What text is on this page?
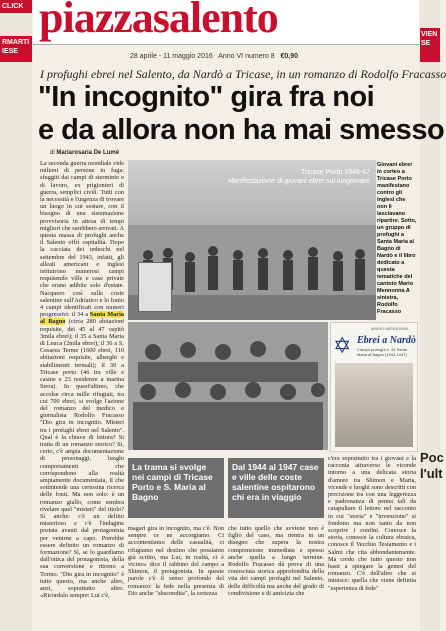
CLICK
RMARTI
IESE
VIEN
SE
Poc
l'ult
piazzasalento
28 aprile - 11 maggio 2016 Anno VI numero 8 €0,90
I profughi ebrei nel Salento, da Nardò a Tricase, in un romanzo di Rodolfo Fracasso
"In incognito" gira fra noi
e da allora non ha mai smesso
di Mariarosaria De Lumè
La seconda guerra mondiale vide milioni di persone in fuga: sfuggiti dai campi di sterminio e di lavoro, ex prigionieri di guerra, semplici civili. Tutti con la necessità e l'urgenza di trovare un luogo in cui sostare, con il bisogno di una sistemazione provvisoria in attesa di tempi migliori che sarebbero arrivati. A questa massa di profughi anche il Salento offrì ospitalità. Dopo la cacciata dei tedeschi nel settembre del 1943, infatti, gli alleati americani e inglesi istituirono numerosi campi requisendo ville e case private che erano adibite solo d'estate. Nacquero così sulle coste salentine sull'Adriatico e lo Ionio 4 campi identificati con numeri progressivi: il 34 a Santa Maria al Bagno (circa 280 abitazioni requisite, dei 45 al 47 ospitò 3mila ebrei); il 35 a Santa Maria di Leuca (2mila ebrei); il 36 a S. Cesarea Terme (1600 ebrei, 110 abitazioni requisite, alberghi e stabilimenti termali); il 39 a Tricase porto (46 tra ville e casine e 23 residenze a marina Serra). In quest'ultimo, che accolse circa mille rifugiati, tra cui 700 ebrei, si svolge l'azione del romanzo del medico e giornalista Rodolfo Fracasso "Dio gira in incognito. Misteri tra i profughi ebrei nel Salento". Qual è la chiave di lettura? Si tratta di un romanzo storico? Sì, certo, c'è ampia documentazione di personaggi, luoghi comportamenti che corrispondono alla realtà ampiamente documentata, il che sottintende una certosina ricerca delle fonti. Ma non solo: è un romanzo giallo, come sembra rivelare quel "misteri" del titolo? Sì anche: c'è un delitto misterioso e c'è l'indagine portata avanti dal protagonista per venirne a capo. Potrebbe essere definito un romanzo di formazione? Sì, se lo guardiamo dall'ottica del protagonista, della sua conversione e ritorno a Torino. "Dio gira in incognito" è tutto questo, ma anche altro, anzi, soprattutto altro. «Ricordalo sempre: Lui c'è,
Tricase Porto 1946-47
Manifestazione di giovani ebrei sul lungomare
Giovani ebrei in corteo a Tricase Porto manifestano contro gli inglesi che non li lasciavano ripartire. Sotto, un gruppo di profughi a Santa Maria al Bagno di Nardò e il libro dedicato a questa tematiche del cantoto Mario Mennonna A sinistra, Rodolfo Fracasso
✡
MARIO MENNONNA
Ebrei a Nardò
Campo profughi n. 34 Santa Maria al Bagno (1943-1947)
La trama si svolge nei campi di Tricase Porto e S. Maria al Bagno
Dal 1944 al 1947 case e ville delle coste salentine ospitarono chi era in viaggio
magari gira in incognito, ma c'è. Non sempre ce ne accorgiamo. Ci accontentiamo delle casualità, ci rifugiamo nel destino che possiamo già scritto, ma Lui, in realtà, ci è vicino» dice il rabbino del campo a Shimon, il protagonista. In queste parole c'è il senso profondo del romanzo: la fede nella presenza di Dio anche "abscondita", la certezza
che tutto quello che avviene non è figlio del caso, ma rientra in un disegno che supera la nostra comprensione immediata e spesso anche quella a lungo termine. Rodolfo Fracasso dà prova di una conosciuta storica approfondita della vita dei campi profughi nel Salento, delle difficoltà ma anche del grado di condivisione e di amicizia che
c'era soprattutto tra i giovani e la racconta attraverso le vicende intorno a una delicata storia d'amore tra Shimon e Maria, vicende e luoghi sono descritti con precisione tra con una leggerezza e padronanza di penna tali da catapultare il lettore nel racconto in cui "storia" e "invenzione" si fondono ma non tanto da non scoprire i confini. Conosce la storia, conosce la cultura ebraica, conosce il Vecchio Testamento e i Salmi che cita abbondantemente. Ma credo che tutto questo non basti a spiegare la genesi del romanzo. C'è dell'altro che si intuisce: quella che viene definita "esperienza di fede"
